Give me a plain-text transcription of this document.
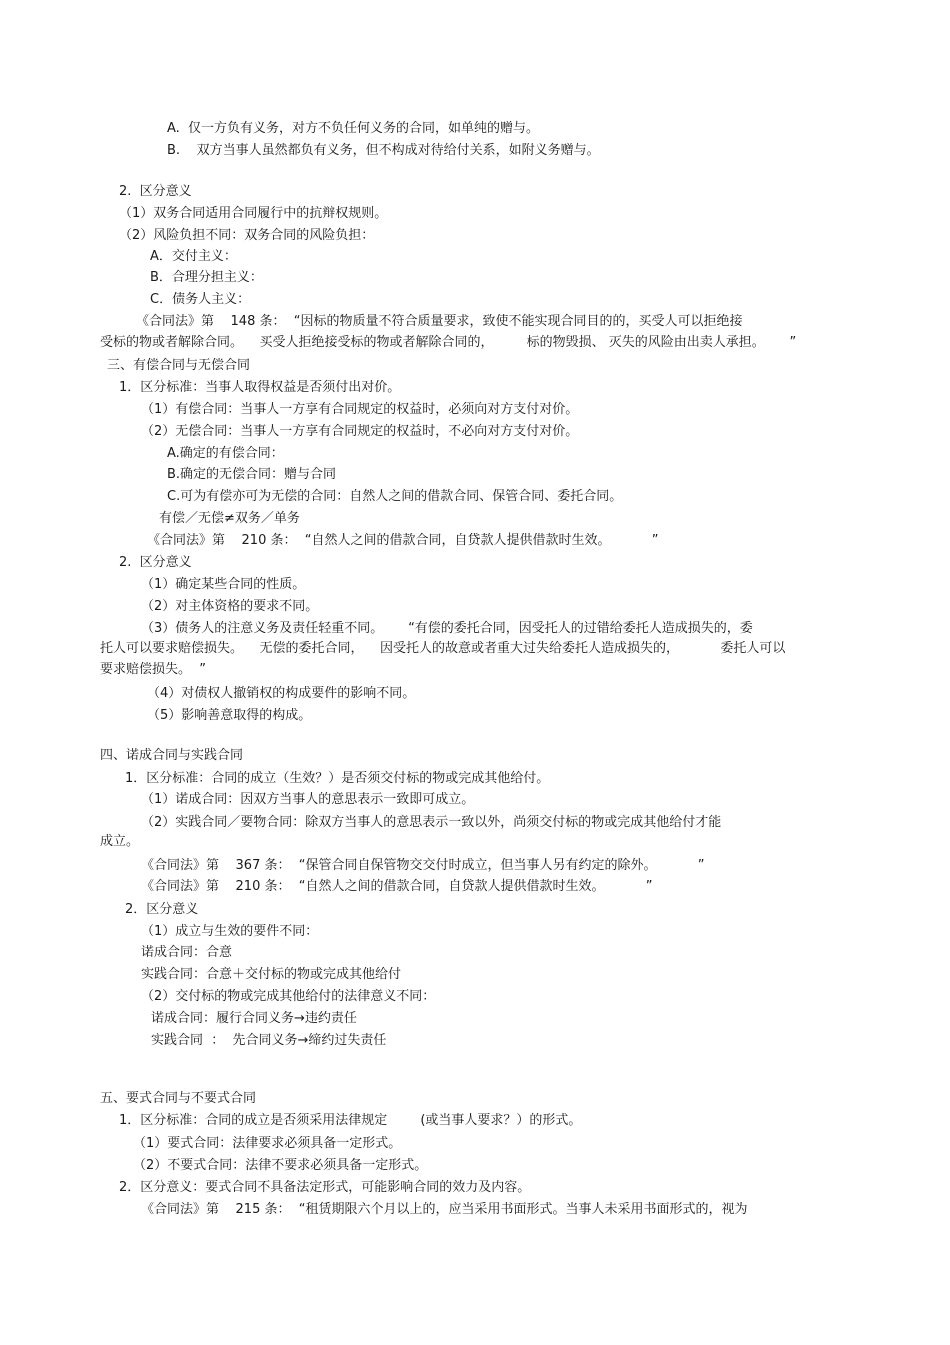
A.  仅一方负有义务，对方不负任何义务的合同，如单纯的赠与。
B.    双方当事人虽然都负有义务，但不构成对待给付关系，如附义务赠与。
2.  区分意义
（1）双务合同适用合同履行中的抗辩权规则。
（2）风险负担不同：双务合同的风险负担：
A．交付主义：
B．合理分担主义：
C．债务人主义：
《合同法》第    148 条：  “因标的物质量不符合质量要求，致使不能实现合同目的的，买受人可以拒绝接
受标的物或者解除合同。    买受人拒绝接受标的物或者解除合同的，        标的物毁损、 灭失的风险由出卖人承担。      ”
三、有偿合同与无偿合同
1．区分标准：当事人取得权益是否须付出对价。
（1）有偿合同：当事人一方享有合同规定的权益时，必须向对方支付对价。
（2）无偿合同：当事人一方享有合同规定的权益时，不必向对方支付对价。
A.确定的有偿合同：
B.确定的无偿合同：赠与合同
C.可为有偿亦可为无偿的合同：自然人之间的借款合同、保管合同、委托合同。
有偿／无偿≠双务／单务
《合同法》第    210 条：  “自然人之间的借款合同，自贷款人提供借款时生效。          ”
2.  区分意义
（1）确定某些合同的性质。
（2）对主体资格的要求不同。
（3）债务人的注意义务及责任轻重不同。      “有偿的委托合同，因受托人的过错给委托人造成损失的，委
托人可以要求赔偿损失。    无偿的委托合同，    因受托人的故意或者重大过失给委托人造成损失的，          委托人可以
要求赔偿损失。  ”
（4）对债权人撤销权的构成要件的影响不同。
（5）影响善意取得的构成。
四、诺成合同与实践合同
1．区分标准：合同的成立（生效？）是否须交付标的物或完成其他给付。
（1）诺成合同：因双方当事人的意思表示一致即可成立。
（2）实践合同／要物合同：除双方当事人的意思表示一致以外，尚须交付标的物或完成其他给付才能
成立。
《合同法》第    367 条：  “保管合同自保管物交交付时成立，但当事人另有约定的除外。          ”
《合同法》第    210 条：  “自然人之间的借款合同，自贷款人提供借款时生效。          ”
2．区分意义
（1）成立与生效的要件不同：
诺成合同：合意
实践合同：合意＋交付标的物或完成其他给付
（2）交付标的物或完成其他给付的法律意义不同：
诺成合同：履行合同义务→违约责任
实践合同  ：  先合同义务→缔约过失责任
五、要式合同与不要式合同
1．区分标准：合同的成立是否须采用法律规定        (或当事人要求？）的形式。
（1）要式合同：法律要求必须具备一定形式。
（2）不要式合同：法律不要求必须具备一定形式。
2．区分意义：要式合同不具备法定形式，可能影响合同的效力及内容。
《合同法》第    215 条：  “租赁期限六个月以上的，应当采用书面形式。当事人未采用书面形式的，视为
